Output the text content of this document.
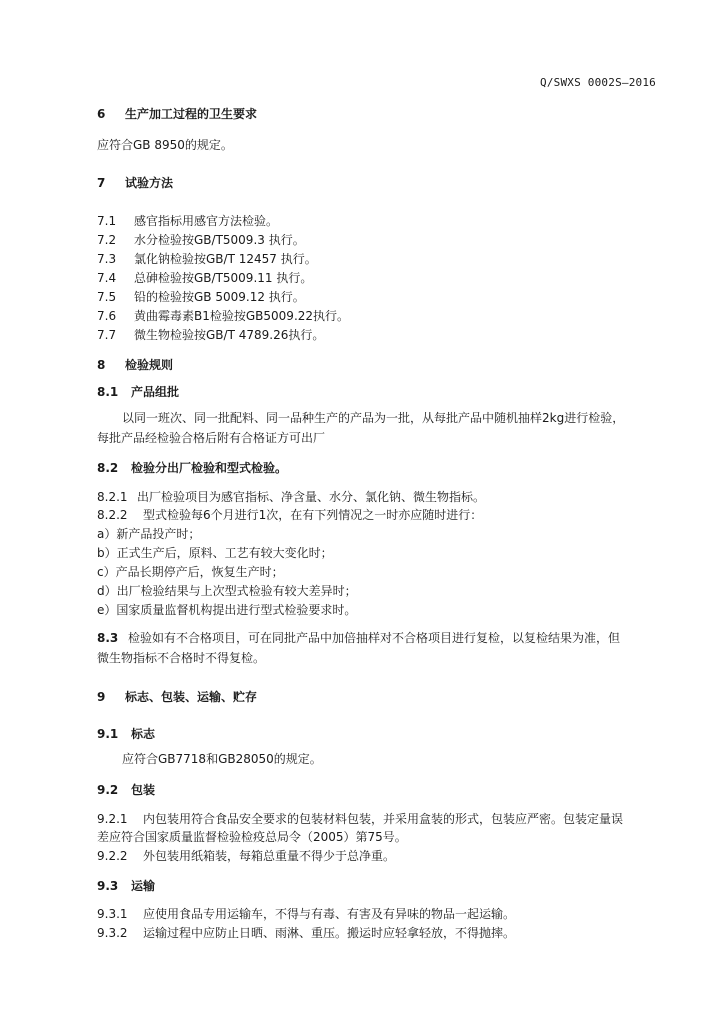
Q/SWXS 0002S—2016
6 生产加工过程的卫生要求
应符合GB 8950的规定。
7 试验方法
7.1 感官指标用感官方法检验。
7.2 水分检验按GB/T5009.3 执行。
7.3 氯化钠检验按GB/T 12457 执行。
7.4 总砷检验按GB/T5009.11 执行。
7.5 铅的检验按GB 5009.12 执行。
7.6 黄曲霉毒素B1检验按GB5009.22执行。
7.7 微生物检验按GB/T 4789.26执行。
8 检验规则
8.1 产品组批
以同一班次、同一批配料、同一品种生产的产品为一批，从每批产品中随机抽样2kg进行检验，
每批产品经检验合格后附有合格证方可出厂
8.2 检验分出厂检验和型式检验。
8.2.1 出厂检验项目为感官指标、净含量、水分、氯化钠、微生物指标。
8.2.2 型式检验每6个月进行1次，在有下列情况之一时亦应随时进行：
a）新产品投产时；
b）正式生产后，原料、工艺有较大变化时；
c）产品长期停产后，恢复生产时；
d）出厂检验结果与上次型式检验有较大差异时；
e）国家质量监督机构提出进行型式检验要求时。
8.3 检验如有不合格项目，可在同批产品中加倍抽样对不合格项目进行复检，以复检结果为准，但
微生物指标不合格时不得复检。
9 标志、包装、运输、贮存
9.1 标志
应符合GB7718和GB28050的规定。
9.2 包装
9.2.1 内包装用符合食品安全要求的包装材料包装，并采用盒装的形式，包装应严密。包装定量误
差应符合国家质量监督检验检疫总局令（2005）第75号。
9.2.2 外包装用纸箱装，每箱总重量不得少于总净重。
9.3 运输
9.3.1 应使用食品专用运输车，不得与有毒、有害及有异味的物品一起运输。
9.3.2 运输过程中应防止日晒、雨淋、重压。搬运时应轻拿轻放，不得抛摔。
